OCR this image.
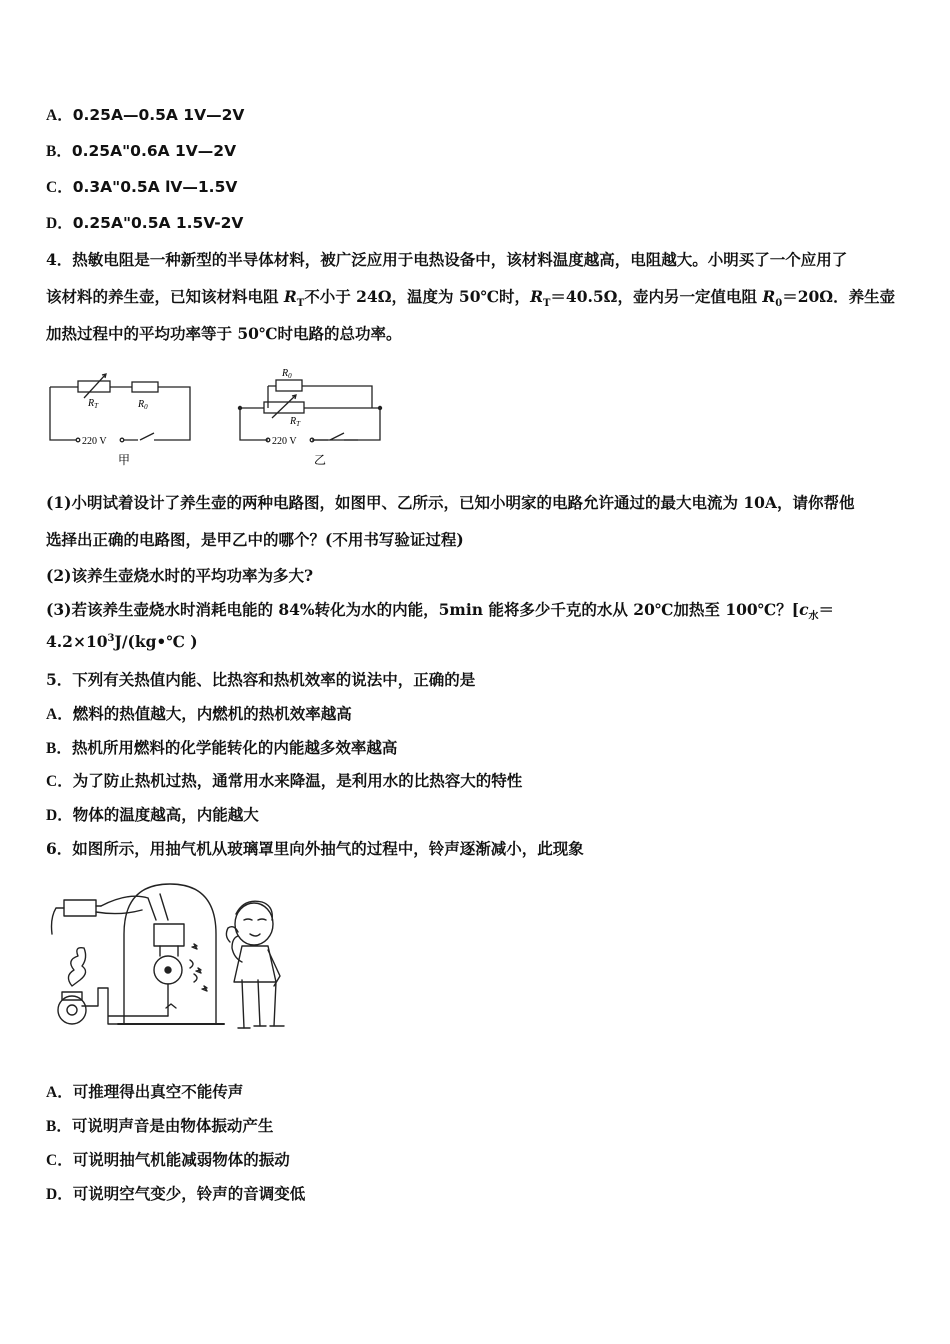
A．0.25A—0.5A 1V—2V
B．0.25A"0.6A 1V—2V
C．0.3A"0.5A lV—1.5V
D．0.25A"0.5A 1.5V-2V
4．热敏电阻是一种新型的半导体材料，被广泛应用于电热设备中，该材料温度越高，电阻越大。小明买了一个应用了
该材料的养生壶，已知该材料电阻 $R_T$不小于 24Ω，温度为 50℃时，$R_T=40.5\Omega$，壶内另一定值电阻 $R_0=20\Omega$．养生壶
加热过程中的平均功率等于 50℃时电路的总功率。
$R_T$	$R_0$
220 V
甲
$R_0$
$R_T$
220 V
乙
(1)小明试着设计了养生壶的两种电路图，如图甲、乙所示，已知小明家的电路允许通过的最大电流为 10A，请你帮他
选择出正确的电路图，是甲乙中的哪个？(不用书写验证过程)
(2)该养生壶烧水时的平均功率为多大?
(3)若该养生壶烧水时消耗电能的 84%转化为水的内能，5min 能将多少千克的水从 20℃加热至 100℃？[$c_水=$
$4.2\times 10^3J/(kg•℃$ )
5．下列有关热值内能、比热容和热机效率的说法中，正确的是
A．燃料的热值越大，内燃机的热机效率越高
B．热机所用燃料的化学能转化的内能越多效率越高
C．为了防止热机过热，通常用水来降温，是利用水的比热容大的特性
D．物体的温度越高，内能越大
6．如图所示，用抽气机从玻璃罩里向外抽气的过程中，铃声逐渐减小，此现象
A．可推理得出真空不能传声
B．可说明声音是由物体振动产生
C．可说明抽气机能减弱物体的振动
D．可说明空气变少，铃声的音调变低
